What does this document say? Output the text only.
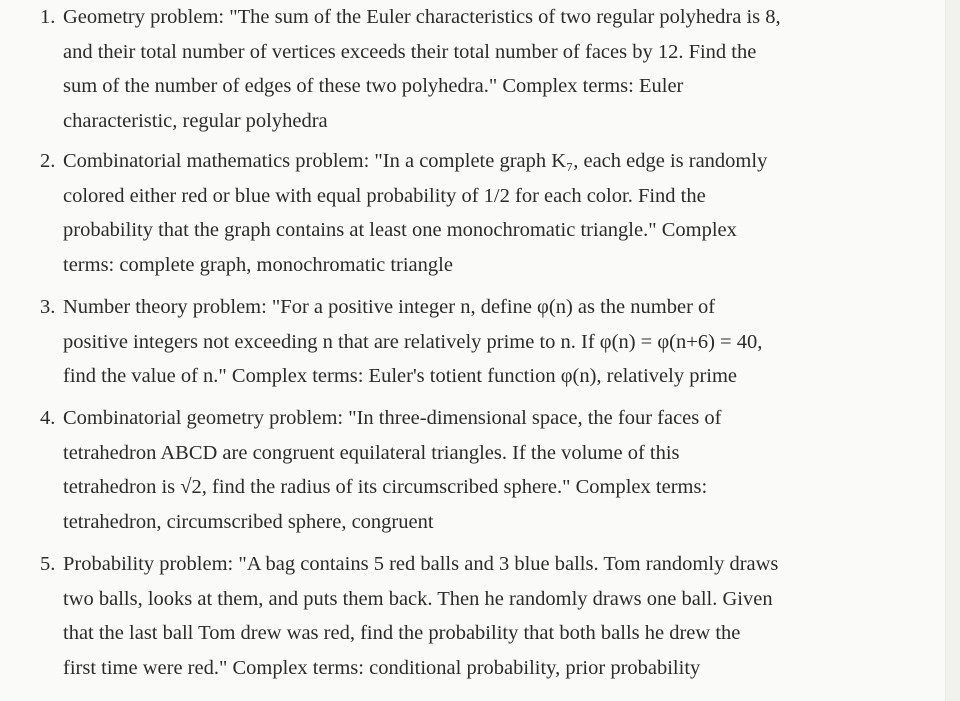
1. Geometry problem: "The sum of the Euler characteristics of two regular polyhedra is 8,
and their total number of vertices exceeds their total number of faces by 12. Find the
sum of the number of edges of these two polyhedra." Complex terms: Euler
characteristic, regular polyhedra
2. Combinatorial mathematics problem: "In a complete graph K₇, each edge is randomly
colored either red or blue with equal probability of 1/2 for each color. Find the
probability that the graph contains at least one monochromatic triangle." Complex
terms: complete graph, monochromatic triangle
3. Number theory problem: "For a positive integer n, define φ(n) as the number of
positive integers not exceeding n that are relatively prime to n. If φ(n) = φ(n+6) = 40,
find the value of n." Complex terms: Euler's totient function φ(n), relatively prime
4. Combinatorial geometry problem: "In three-dimensional space, the four faces of
tetrahedron ABCD are congruent equilateral triangles. If the volume of this
tetrahedron is √2, find the radius of its circumscribed sphere." Complex terms:
tetrahedron, circumscribed sphere, congruent
5. Probability problem: "A bag contains 5 red balls and 3 blue balls. Tom randomly draws
two balls, looks at them, and puts them back. Then he randomly draws one ball. Given
that the last ball Tom drew was red, find the probability that both balls he drew the
first time were red." Complex terms: conditional probability, prior probability
